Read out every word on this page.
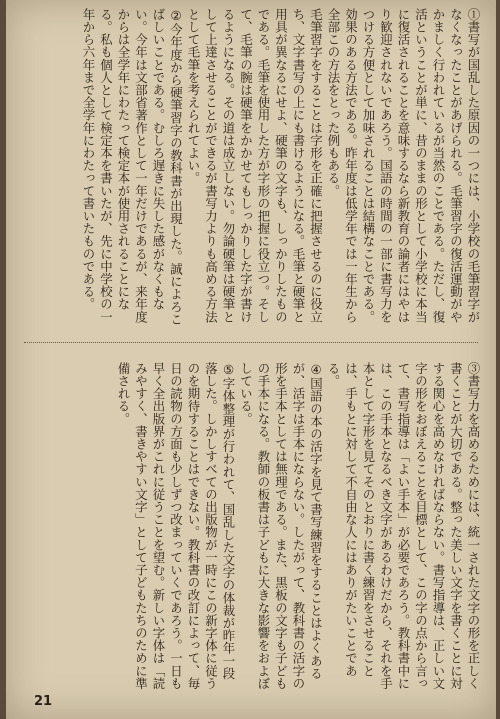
①書写が国乱した原因の一つには、小学校の毛筆習字がなくなったことがあげられる。毛筆習字の復活運動がやかましく行われているが当然のことである。ただし、復活ということが単に、昔のままの形として小学校に本当に復活されることを意味するなら新教育の論者にはやはり歓迎されないであろう。国語の時間の一部に書写力をつける方便として加味されることは結構なことである。効果のある方法である。昨年度は低学年では一年生から全部この方法をとった例もある。
毛筆習字をすることは字形を正確に把握させるのに役立ち、文字書写の上にも書けるようになる。毛筆と硬筆と用具が異なるにせよ、硬筆の文字も、しっかりしたものである。毛筆を使用した方が字形の把握に役立つ。そして、毛筆の腕は硬筆をかかせてもしっかりした字が書けるようになる。その道は成立しない。勿論硬筆は硬筆として上達させることができるが書写力よりも高める方法として毛筆を考えられてよい。
②今年度から硬筆習字の教科書が出現した。誠によろこばしいことである。むしろ遅きに失した感がなくもない。今年は文部省著作として一年だけであるが、来年度からは全学年にわたって検定本が使用されることになる。私も個人として検定本を書いたが、先に中学校の一年から六年まで全学年にわたって書いたものである。
③書写力を高めるためには、統一された文字の形を正しく書くことが大切である。整った美しい文字を書くことに対する関心を高めなければならない。書写指導は、正しい文字の形をおぼえることを目標として、この字の点から言って、書写指導は「よい手本」が必要であろう。教科書中には、この手本となるべき文字があるわけだから、それを手本として字形を見てそのとおりに書く練習をさせることは、手もとに対して不自由な人にはありがたいことである。
④国語の本の活字を見て書写練習をすることはよくあるが、活字は手本にならない。したがって、教科書の活字の形を手本としては無理である。また、黒板の文字も子どもの手本になる。教師の板書は子どもに大きな影響をおよぼしている。
⑤字体整理が行われて、国乱した文字の体裁が昨年一段落した。しかしすべての出版物が一時にこの新字体に従うのを期待することはできない。教科書の改訂によって、毎日の読物の方面も少しずつ改まっていくであろう。一日も早く全出版界がこれに従うことを望む。新しい字体は「読みやすく、書きやすい文字」として子どもたちのために準備される。
21
